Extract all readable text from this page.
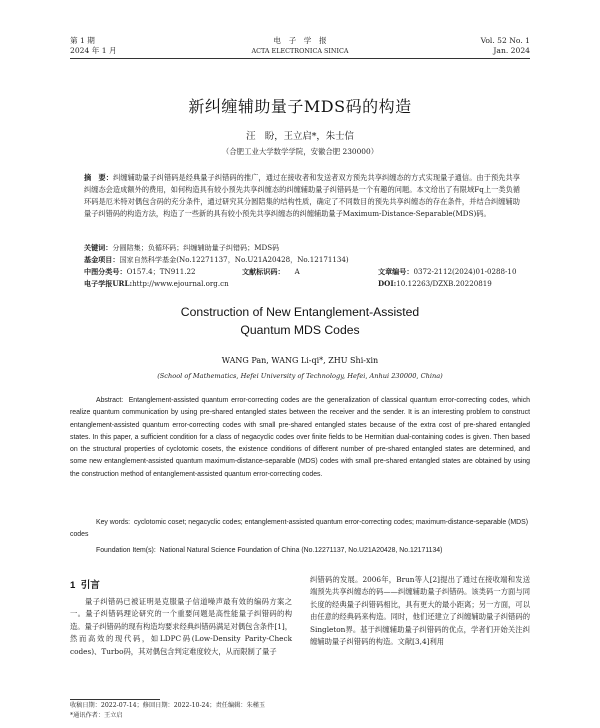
第 1 期
2024 年 1 月
电　子　学　报
ACTA ELECTRONICA SINICA
Vol. 52 No. 1
Jan. 2024
新纠缠辅助量子MDS码的构造
汪　盼，王立启*，朱士信
（合肥工业大学数学学院，安徽合肥 230000）
摘　要：纠缠辅助量子纠错码是经典量子纠错码的推广，通过在接收者和发送者双方预先共享纠缠态的方式实现量子通信。由于预先共享纠缠态会造成额外的费用，如何构造具有较小预先共享纠缠态的纠缠辅助量子纠错码是一个有趣的问题。本文给出了有限域Fq上一类负循环码是厄米特对偶包含码的充分条件，通过研究其分圆陪集的结构性质，确定了不同数目的预先共享纠缠态的存在条件，并结合纠缠辅助量子纠错码的构造方法，构造了一些新的具有较小预先共享纠缠态的纠缠辅助量子Maximum-Distance-Separable(MDS)码。
关键词：分圆陪集；负循环码；纠缠辅助量子纠错码；MDS码
基金项目：国家自然科学基金(No.12271137，No.U21A20428，No.12171134)
中图分类号：O157.4；TN911.22	文献标识码： A	文章编号：0372-2112(2024)01-0288-10
电子学报URL:http://www.ejournal.org.cn	DOI:10.12263/DZXB.20220819
Construction of New Entanglement-Assisted
Quantum MDS Codes
WANG Pan, WANG Li-qi*, ZHU Shi-xin
(School of Mathematics, Hefei University of Technology, Hefei, Anhui 230000, China)
Abstract: Entanglement-assisted quantum error-correcting codes are the generalization of classical quantum error-correcting codes, which realize quantum communication by using pre-shared entangled states between the receiver and the sender. It is an interesting problem to construct entanglement-assisted quantum error-correcting codes with small pre-shared entangled states because of the extra cost of pre-shared entangled states. In this paper, a sufficient condition for a class of negacyclic codes over finite fields to be Hermitian dual-containing codes is given. Then based on the structural properties of cyclotomic cosets, the existence conditions of different number of pre-shared entangled states are determined, and some new entanglement-assisted quantum maximum-distance-separable (MDS) codes with small pre-shared entangled states are obtained by using the construction method of entanglement-assisted quantum error-correcting codes.
Key words: cyclotomic coset; negacyclic codes; entanglement-assisted quantum error-correcting codes; maximum-distance-separable (MDS) codes
Foundation Item(s): National Natural Science Foundation of China (No.12271137, No.U21A20428, No.12171134)
1 引言
量子纠错码已被证明是克服量子信道噪声最有效的编码方案之一。量子纠错码理论研究的一个重要问题是高性能量子纠错码的构造。量子纠错码的现有构造均要求经典纠错码满足对偶包含条件[1]，然而高效的现代码，如LDPC码(Low-Density Parity-Check codes)、Turbo码，其对偶包含判定难度较大，从而限制了量子
纠错码的发展。2006年，Brun等人[2]提出了通过在接收端和发送端预先共享纠缠态的码——纠缠辅助量子纠错码。该类码一方面与同长度的经典量子纠错码相比，具有更大的最小距离；另一方面，可以由任意的经典码来构造。同时，他们还建立了纠缠辅助量子纠错码的Singleton界。基于纠缠辅助量子纠错码的优点，学者们开始关注纠缠辅助量子纠错码的构造。文献[3,4]利用
收稿日期：2022-07-14；修回日期：2022-10-24；责任编辑：朱槿玉
*通讯作者：王立启
